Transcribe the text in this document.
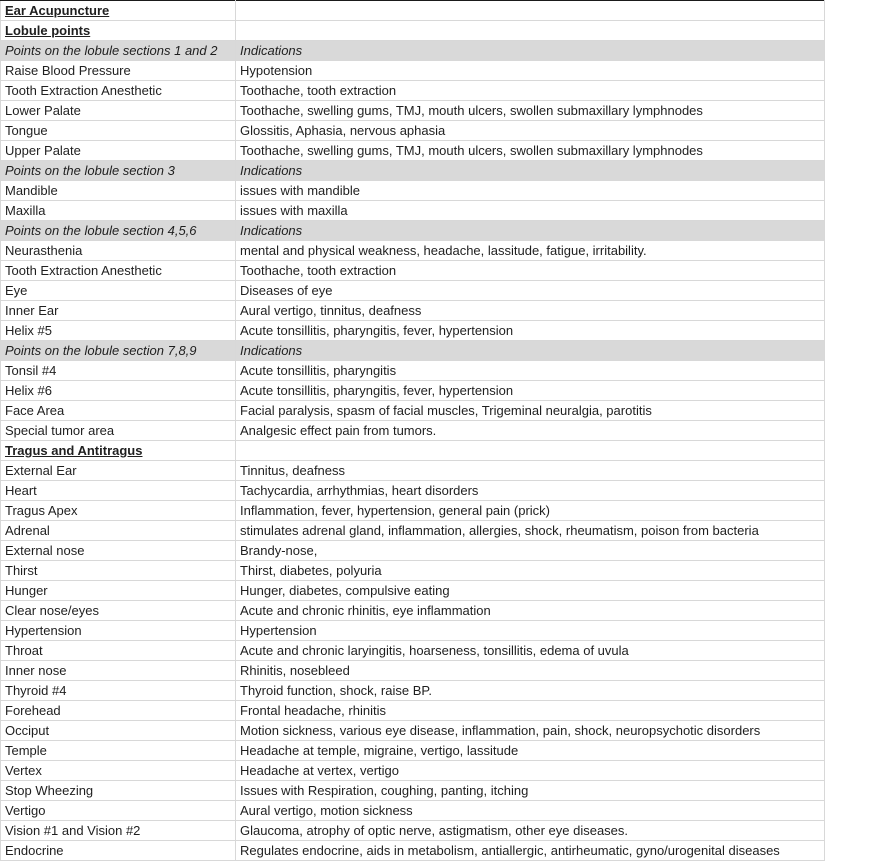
Ear Acupuncture	
Lobule points	
Points on the lobule sections 1 and 2	Indications
Raise Blood Pressure	Hypotension
Tooth Extraction Anesthetic	Toothache, tooth extraction
Lower Palate	Toothache, swelling gums, TMJ, mouth ulcers, swollen submaxillary lymphnodes
Tongue	Glossitis, Aphasia, nervous aphasia
Upper Palate	Toothache, swelling gums, TMJ, mouth ulcers, swollen submaxillary lymphnodes
Points on the lobule section 3	Indications
Mandible	issues with mandible
Maxilla	issues with maxilla
Points on the lobule section 4,5,6	Indications
Neurasthenia	mental and physical weakness, headache, lassitude, fatigue, irritability.
Tooth Extraction Anesthetic	Toothache, tooth extraction
Eye	Diseases of eye
Inner Ear	Aural vertigo, tinnitus, deafness
Helix #5	Acute tonsillitis, pharyngitis, fever, hypertension
Points on the lobule section 7,8,9	Indications
Tonsil #4	Acute tonsillitis, pharyngitis
Helix #6	Acute tonsillitis, pharyngitis, fever, hypertension
Face Area	Facial paralysis, spasm of facial muscles, Trigeminal neuralgia, parotitis
Special tumor area	Analgesic effect pain from tumors.
Tragus and Antitragus	
External Ear	Tinnitus, deafness
Heart	Tachycardia, arrhythmias, heart disorders
Tragus Apex	Inflammation, fever, hypertension, general pain (prick)
Adrenal	stimulates adrenal gland, inflammation, allergies, shock, rheumatism, poison from bacteria
External nose	Brandy-nose,
Thirst	Thirst, diabetes, polyuria
Hunger	Hunger, diabetes, compulsive eating
Clear nose/eyes	Acute and chronic rhinitis, eye inflammation
Hypertension	Hypertension
Throat	Acute and chronic laryingitis, hoarseness, tonsillitis, edema of uvula
Inner nose	Rhinitis, nosebleed
Thyroid #4	Thyroid function, shock, raise BP.
Forehead	Frontal headache, rhinitis
Occiput	Motion sickness, various eye disease, inflammation, pain, shock, neuropsychotic disorders
Temple	Headache at temple, migraine, vertigo, lassitude
Vertex	Headache at vertex, vertigo
Stop Wheezing	Issues with Respiration, coughing, panting, itching
Vertigo	Aural vertigo, motion sickness
Vision #1 and Vision #2	Glaucoma, atrophy of optic nerve, astigmatism, other eye diseases.
Endocrine	Regulates endocrine, aids in metabolism, antiallergic, antirheumatic, gyno/urogenital diseases
